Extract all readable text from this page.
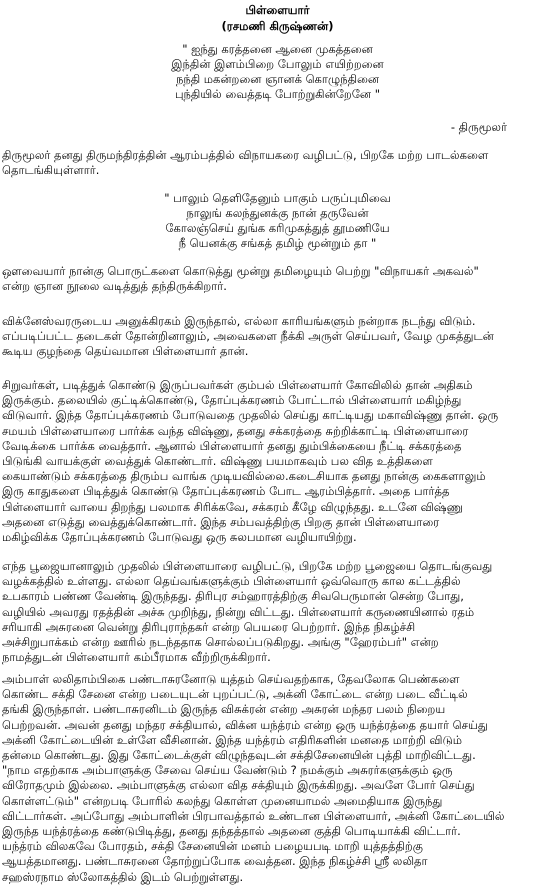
பிள்ளையார்
(ரசமணி கிருஷ்ணன்)
" ஐந்து கரத்தனை ஆனை முகத்தனை
இந்தின் இளம்பிறை போலும் எயிற்றனை
நந்தி மகன்றனை ஞானக் கொழுந்தினை
புந்தியில் வைத்தடி போற்றுகின்றேனே "
- திருமூலர்
திருமூலர் தனது திருமந்திரத்தின் ஆரம்பத்தில் விநாயகரை வழிபட்டு, பிறகே மற்ற பாடல்களை
தொடங்கியுள்ளார்.
" பாலும் தெளிதேனும் பாகும் பருப்புமிவை
நாலுங் கலந்துனக்கு நான் தருவேன்
கோலஞ்செய் துங்க கரிமுகத்துத் தூமணியே
நீ யெனக்கு சங்கத் தமிழ் மூன்றும் தா "
ஔவையார் நான்கு பொருட்களை கொடுத்து மூன்று தமிழையும் பெற்று "விநாயகர் அகவல்"
என்ற ஞான நூலை வடித்துத் தந்திருக்கிறார்.
விக்னேஸ்வரருடைய அனுக்கிரகம் இருந்தால், எல்லா காரியங்களும் நன்றாக நடந்து விடும்.
எப்படிப்பட்ட தடைகள் தோன்றினாலும், அவைகளை நீக்கி அருள் செய்பவர், வேழ முகத்துடன்
கூடிய குழந்தை தெய்வமான பிள்ளையார் தான்.
சிறுவர்கள், படித்துக் கொண்டு இருப்பவர்கள் கும்பல் பிள்ளையார் கோவிலில் தான் அதிகம்
இருக்கும். தலையில் குட்டிக்கொண்டு, தோப்புக்கரணம் போட்டால் பிள்ளையார் மகிழ்ந்து
விடுவார். இந்த தோப்புக்கரணம் போடுவதை முதலில் செய்து காட்டியது மகாவிஷ்ணு தான். ஒரு
சமயம் பிள்ளையாரை பார்க்க வந்த விஷ்ணு, தனது சக்கரத்தை சுற்றிக்காட்டி பிள்ளையாரை
வேடிக்கை பார்க்க வைத்தார். ஆனால் பிள்ளையார் தனது தும்பிக்கையை நீட்டி சக்கரத்தை
பிடுங்கி வாயக்குள் வைத்துக் கொண்டார். விஷ்ணு பயமாகவும் பல வித உத்திகளை
கையாண்டும் சக்கரத்தை திரும்ப வாங்க முடியவில்லை.கடைசியாக தனது நான்கு கைகளாலும்
இரு காதுகளை பிடித்துக் கொண்டு தோப்புக்கரணம் போட ஆரம்பித்தார். அதை பார்த்த
பிள்ளையார் வாயை திறந்து பலமாக சிரிக்கவே, சக்கரம் கீழே விழுந்தது. உடனே விஷ்ணு
அதனை எடுத்து வைத்துக்கொண்டார். இந்த சம்பவத்திற்கு பிறகு தான் பிள்ளையாரை
மகிழ்விக்க தோப்புக்கரணம் போடுவது ஒரு சுலபமான வழியாயிற்று.
எந்த பூஜையானாலும் முதலில் பிள்ளையாரை வழிபட்டு, பிறகே மற்ற பூஜையை தொடங்குவது
வழக்கத்தில் உள்ளது. எல்லா தெய்வங்களுக்கும் பிள்ளையார் ஒவ்வொரு கால கட்டத்தில்
உபகாரம் பண்ண வேண்டி இருந்தது. திரிபுர சம்ஹாரத்திற்கு சிவபெருமான் சென்ற போது,
வழியில் அவரது ரதத்தின் அச்சு முறிந்து, நின்று விட்டது. பிள்ளையார் கருணையினால் ரதம்
சரியாகி அசுரனை வென்று திரிபுராந்தகர் என்ற பெயரை பெற்றார். இந்த நிகழ்ச்சி
அச்சிறுபாக்கம் என்ற ஊரில் நடந்ததாக சொல்லப்படுகிறது. அங்கு "ஹேரம்பர்" என்ற
நாமத்துடன் பிள்ளையார் கம்பீரமாக வீற்றிருக்கிறார்.
அம்பாள் லலிதாம்பிகை பண்டாசுரனோடு யுத்தம் செய்வதற்காக, தேவலோக பெண்களை
கொண்ட சக்தி சேனை என்ற படையுடன் புறப்பட்டு, அக்னி கோட்டை என்ற படை வீட்டில்
தங்கி இருந்தாள். பண்டாசுரனிடம் இருந்த விசுக்ரன் என்ற அசுரன் மந்தர பலம் நிறைய
பெற்றவன். அவன் தனது மந்தர சக்தியால், விக்ன யந்த்ரம் என்ற ஒரு யந்த்ரத்தை தயார் செய்து
அக்னி கோட்டையின் உள்ளே வீசினான். இந்த யந்த்ரம் எதிரிகளின் மனதை மாற்றி விடும்
தன்மை கொண்டது. இது கோட்டைக்குள் விழுந்தவுடன் சக்திசேனையின் புத்தி மாறிவிட்டது.
"நாம எதற்காக அம்பாளுக்கு சேவை செய்ய வேண்டும் ? நமக்கும் அசுரர்களுக்கும் ஒரு
விரோதமும் இல்லை. அம்பாளுக்கு எல்லா வித சக்தியும் இருக்கிறது. அவளே போர் செய்து
கொள்ளட்டும்" என்றபடி போரில் கலந்து கொள்ள முனையாமல் அமைதியாக இருந்து
விட்டார்கள். அப்போது அம்பாளின் பிரபாவத்தால் உண்டான பிள்ளையார், அக்னி கோட்டையில்
இருந்த யந்த்ரத்தை கண்டுபிடித்து, தனது தந்தத்தால் அதனை குத்தி பொடியாக்கி விட்டார்.
யந்த்ரம் விலகவே போரதம், சக்தி சேனையின் மனம் பழையபடி மாறி யுத்தத்திற்கு
ஆயத்தமானது. பண்டாசுரனை தோற்றுப்போக வைத்தன. இந்த நிகழ்ச்சி ஸ்ரீ லலிதா
சஹஸ்ரநாம ஸ்லோகத்தில் இடம் பெற்றுள்ளது.
